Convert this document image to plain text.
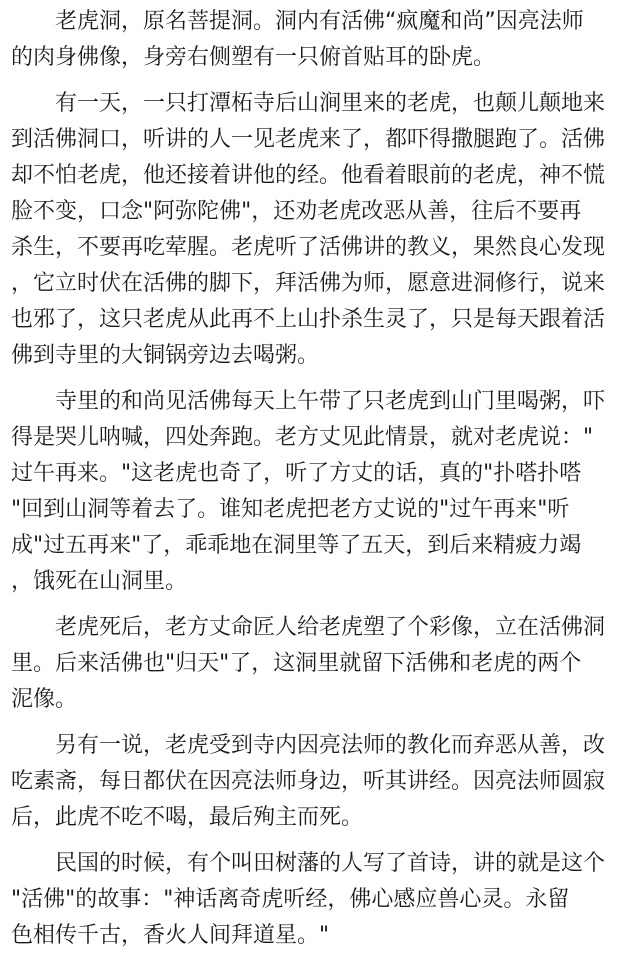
老虎洞，原名菩提洞。洞内有活佛“疯魔和尚”因亮法师
的肉身佛像，身旁右侧塑有一只俯首贴耳的卧虎。
有一天，一只打潭柘寺后山涧里来的老虎，也颠儿颠地来
到活佛洞口，听讲的人一见老虎来了，都吓得撒腿跑了。活佛
却不怕老虎，他还接着讲他的经。他看着眼前的老虎，神不慌
脸不变，口念"阿弥陀佛"，还劝老虎改恶从善，往后不要再
杀生，不要再吃荤腥。老虎听了活佛讲的教义，果然良心发现
，它立时伏在活佛的脚下，拜活佛为师，愿意进洞修行，说来
也邪了，这只老虎从此再不上山扑杀生灵了，只是每天跟着活
佛到寺里的大铜锅旁边去喝粥。
寺里的和尚见活佛每天上午带了只老虎到山门里喝粥，吓
得是哭儿呐喊，四处奔跑。老方丈见此情景，就对老虎说："
过午再来。"这老虎也奇了，听了方丈的话，真的"扑嗒扑嗒
"回到山洞等着去了。谁知老虎把老方丈说的"过午再来"听
成"过五再来"了，乖乖地在洞里等了五天，到后来精疲力竭
，饿死在山洞里。
老虎死后，老方丈命匠人给老虎塑了个彩像，立在活佛洞
里。后来活佛也"归天"了，这洞里就留下活佛和老虎的两个
泥像。
另有一说，老虎受到寺内因亮法师的教化而弃恶从善，改
吃素斋，每日都伏在因亮法师身边，听其讲经。因亮法师圆寂
后，此虎不吃不喝，最后殉主而死。
民国的时候，有个叫田树藩的人写了首诗，讲的就是这个
"活佛"的故事："神话离奇虎听经，佛心感应兽心灵。永留
色相传千古，香火人间拜道星。"
